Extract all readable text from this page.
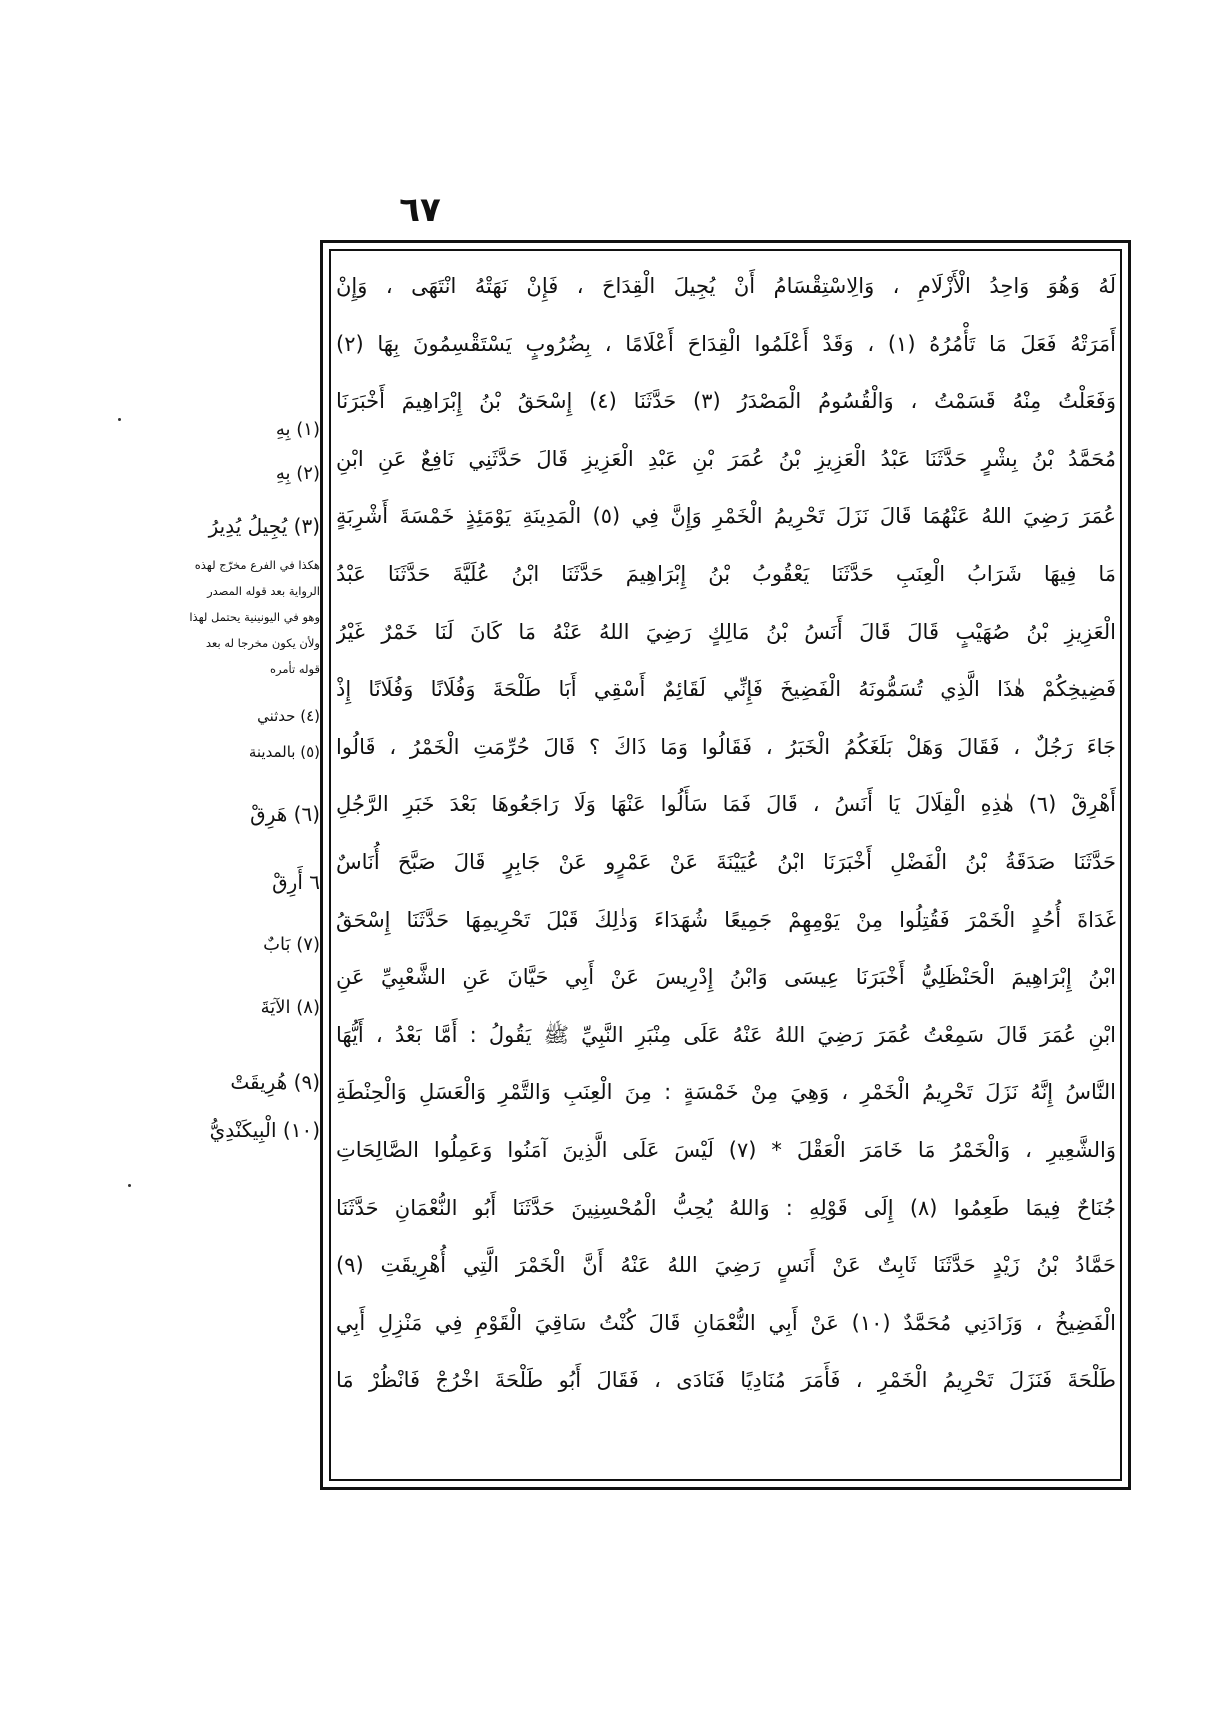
٦٧
لَهُ وَهُوَ وَاحِدُ الْأَزْلَامِ ، وَالِاسْتِقْسَامُ أَنْ يُجِيلَ الْقِدَاحَ ، فَإِنْ نَهَتْهُ انْتَهَى ، وَإِنْ
أَمَرَتْهُ فَعَلَ مَا تَأْمُرُهُ (١) ، وَقَدْ أَعْلَمُوا الْقِدَاحَ أَعْلَامًا ، بِضُرُوبٍ يَسْتَقْسِمُونَ بِهَا (٢)
وَفَعَلْتُ مِنْهُ قَسَمْتُ ، وَالْقُسُومُ الْمَصْدَرُ (٣) حَدَّثَنَا (٤) إِسْحَقُ بْنُ إِبْرَاهِيمَ أَخْبَرَنَا
مُحَمَّدُ بْنُ بِشْرٍ حَدَّثَنَا عَبْدُ الْعَزِيزِ بْنُ عُمَرَ بْنِ عَبْدِ الْعَزِيزِ قَالَ حَدَّثَنِي نَافِعٌ عَنِ ابْنِ
عُمَرَ رَضِيَ اللهُ عَنْهُمَا قَالَ نَزَلَ تَحْرِيمُ الْخَمْرِ وَإِنَّ فِي (٥) الْمَدِينَةِ يَوْمَئِذٍ خَمْسَةَ أَشْرِبَةٍ
مَا فِيهَا شَرَابُ الْعِنَبِ حَدَّثَنَا يَعْقُوبُ بْنُ إِبْرَاهِيمَ حَدَّثَنَا ابْنُ عُلَيَّةَ حَدَّثَنَا عَبْدُ
الْعَزِيزِ بْنُ صُهَيْبٍ قَالَ قَالَ أَنَسُ بْنُ مَالِكٍ رَضِيَ اللهُ عَنْهُ مَا كَانَ لَنَا خَمْرٌ غَيْرُ
فَضِيخِكُمْ هٰذَا الَّذِي تُسَمُّونَهُ الْفَضِيخَ فَإِنِّي لَقَائِمٌ أَسْقِي أَبَا طَلْحَةَ وَفُلَانًا وَفُلَانًا إِذْ
جَاءَ رَجُلٌ ، فَقَالَ وَهَلْ بَلَغَكُمُ الْخَبَرُ ، فَقَالُوا وَمَا ذَاكَ ؟ قَالَ حُرِّمَتِ الْخَمْرُ ، قَالُوا
أَهْرِقْ (٦) هٰذِهِ الْقِلَالَ يَا أَنَسُ ، قَالَ فَمَا سَأَلُوا عَنْهَا وَلَا رَاجَعُوهَا بَعْدَ خَبَرِ الرَّجُلِ
حَدَّثَنَا صَدَقَةُ بْنُ الْفَضْلِ أَخْبَرَنَا ابْنُ عُيَيْنَةَ عَنْ عَمْرٍو عَنْ جَابِرٍ قَالَ صَبَّحَ أُنَاسٌ
غَدَاةَ أُحُدٍ الْخَمْرَ فَقُتِلُوا مِنْ يَوْمِهِمْ جَمِيعًا شُهَدَاءَ وَذٰلِكَ قَبْلَ تَحْرِيمِهَا حَدَّثَنَا إِسْحَقُ
ابْنُ إِبْرَاهِيمَ الْحَنْظَلِيُّ أَخْبَرَنَا عِيسَى وَابْنُ إِدْرِيسَ عَنْ أَبِي حَيَّانَ عَنِ الشَّعْبِيِّ عَنِ
ابْنِ عُمَرَ قَالَ سَمِعْتُ عُمَرَ رَضِيَ اللهُ عَنْهُ عَلَى مِنْبَرِ النَّبِيِّ ﷺ يَقُولُ : أَمَّا بَعْدُ ، أَيُّهَا
النَّاسُ إِنَّهُ نَزَلَ تَحْرِيمُ الْخَمْرِ ، وَهِيَ مِنْ خَمْسَةٍ : مِنَ الْعِنَبِ وَالتَّمْرِ وَالْعَسَلِ وَالْحِنْطَةِ
وَالشَّعِيرِ ، وَالْخَمْرُ مَا خَامَرَ الْعَقْلَ * (٧) لَيْسَ عَلَى الَّذِينَ آمَنُوا وَعَمِلُوا الصَّالِحَاتِ
جُنَاحٌ فِيمَا طَعِمُوا (٨) إِلَى قَوْلِهِ : وَاللهُ يُحِبُّ الْمُحْسِنِينَ حَدَّثَنَا أَبُو النُّعْمَانِ حَدَّثَنَا
حَمَّادُ بْنُ زَيْدٍ حَدَّثَنَا ثَابِتٌ عَنْ أَنَسٍ رَضِيَ اللهُ عَنْهُ أَنَّ الْخَمْرَ الَّتِي أُهْرِيقَتِ (٩)
الْفَضِيخُ ، وَزَادَنِي مُحَمَّدٌ (١٠) عَنْ أَبِي النُّعْمَانِ قَالَ كُنْتُ سَاقِيَ الْقَوْمِ فِي مَنْزِلِ أَبِي
طَلْحَةَ فَنَزَلَ تَحْرِيمُ الْخَمْرِ ، فَأَمَرَ مُنَادِيًا فَنَادَى ، فَقَالَ أَبُو طَلْحَةَ اخْرُجْ فَانْظُرْ مَا
(١) بِهِ
(٢) بِهِ
(٣) يُجِيلُ يُدِيرُ
هكذا في الفرع مخرّج لهذه
الرواية بعد قوله المصدر
وهو في اليونينية يحتمل لهذا
ولأن يكون مخرجا له بعد
قوله تأمره
(٤) حدثني
(٥) بالمدينة
(٦) هَرِقْ
٦ أَرِقْ
(٧) بَابٌ
(٨) الآيَةَ
(٩) هُرِيقَتْ
(١٠) الْبِيكَنْدِيُّ
